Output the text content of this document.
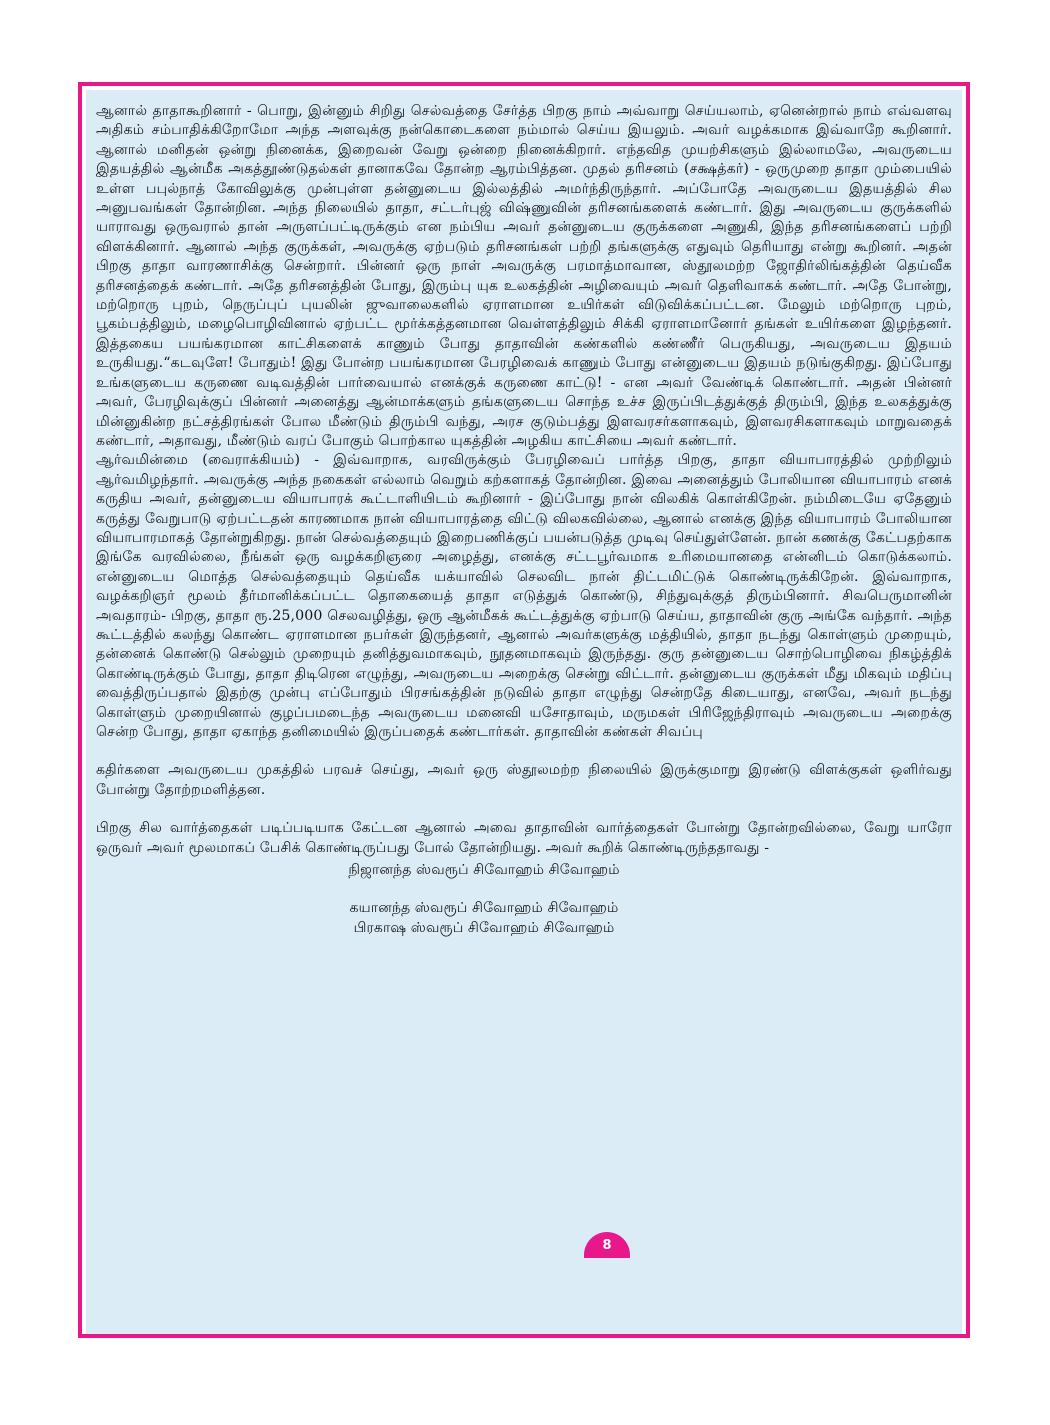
ஆனால் தாதாகூறினார் - பொறு, இன்னும் சிறிது செல்வத்தை சேர்த்த பிறகு நாம் அவ்வாறு செய்யலாம், ஏனென்றால் நாம் எவ்வளவு அதிகம் சம்பாதிக்கிறோமோ அந்த அளவுக்கு நன்கொடைகளை நம்மால் செய்ய இயலும். அவர் வழக்கமாக இவ்வாறே கூறினார். ஆனால் மனிதன் ஒன்று நினைக்க, இறைவன் வேறு ஒன்றை நினைக்கிறார். எந்தவித முயற்சிகளும் இல்லாமலே, அவருடைய இதயத்தில் ஆன்மீக அகத்தூண்டுதல்கள் தானாகவே தோன்ற ஆரம்பித்தன. முதல் தரிசனம் (சக்ஷத்கர்) - ஒருமுறை தாதா மும்பையில் உள்ள பபுல்நாத் கோவிலுக்கு முன்புள்ள தன்னுடைய இல்லத்தில் அமர்ந்திருந்தார். அப்போதே அவருடைய இதயத்தில் சில அனுபவங்கள் தோன்றின. அந்த நிலையில் தாதா, சட்டர்புஜ் விஷ்ணுவின் தரிசனங்களைக் கண்டார். இது அவருடைய குருக்களில் யாராவது ஒருவரால் தான் அருளப்பட்டிருக்கும் என நம்பிய அவர் தன்னுடைய குருக்களை அணுகி, இந்த தரிசனங்களைப் பற்றி விளக்கினார். ஆனால் அந்த குருக்கள், அவருக்கு ஏற்படும் தரிசனங்கள் பற்றி தங்களுக்கு எதுவும் தெரியாது என்று கூறினர். அதன் பிறகு தாதா வாரணாசிக்கு சென்றார். பின்னர் ஒரு நாள் அவருக்கு பரமாத்மாவான, ஸ்தூலமற்ற ஜோதிர்லிங்கத்தின் தெய்வீக தரிசனத்தைக் கண்டார். அதே தரிசனத்தின் போது, இரும்பு யுக உலகத்தின் அழிவையும் அவர் தெளிவாகக் கண்டார். அதே போன்று, மற்றொரு புறம், நெருப்புப் புயலின் ஜுவாலைகளில் ஏராளமான உயிர்கள் விடுவிக்கப்பட்டன. மேலும் மற்றொரு புறம், பூகம்பத்திலும், மழைபொழிவினால் ஏற்பட்ட மூர்க்கத்தனமான வெள்ளத்திலும் சிக்கி ஏராளமானோர் தங்கள் உயிர்களை இழந்தனர். இத்தகைய பயங்கரமான காட்சிகளைக் காணும் போது தாதாவின் கண்களில் கண்ணீர் பெருகியது, அவருடைய இதயம் உருகியது.“கடவுளே! போதும்! இது போன்ற பயங்கரமான பேரழிவைக் காணும் போது என்னுடைய இதயம் நடுங்குகிறது. இப்போது உங்களுடைய கருணை வடிவத்தின் பார்வையால் எனக்குக் கருணை காட்டு! - என அவர் வேண்டிக் கொண்டார். அதன் பின்னர் அவர், பேரழிவுக்குப் பின்னர் அனைத்து ஆன்மாக்களும் தங்களுடைய சொந்த உச்ச இருப்பிடத்துக்குத் திரும்பி, இந்த உலகத்துக்கு மின்னுகின்ற நட்சத்திரங்கள் போல மீண்டும் திரும்பி வந்து, அரச குடும்பத்து இளவரசர்களாகவும், இளவரசிகளாகவும் மாறுவதைக் கண்டார், அதாவது, மீண்டும் வரப் போகும் பொற்கால யுகத்தின் அழகிய காட்சியை அவர் கண்டார்.

ஆர்வமின்மை (வைராக்கியம்) - இவ்வாறாக, வரவிருக்கும் பேரழிவைப் பார்த்த பிறகு, தாதா வியாபாரத்தில் முற்றிலும் ஆர்வமிழந்தார். அவருக்கு அந்த நகைகள் எல்லாம் வெறும் கற்களாகத் தோன்றின. இவை அனைத்தும் போலியான வியாபாரம் எனக் கருதிய அவர், தன்னுடைய வியாபாரக் கூட்டாளியிடம் கூறினார் - இப்போது நான் விலகிக் கொள்கிறேன். நம்மிடையே ஏதேனும் கருத்து வேறுபாடு ஏற்பட்டதன் காரணமாக நான் வியாபாரத்தை விட்டு விலகவில்லை, ஆனால் எனக்கு இந்த வியாபாரம் போலியான வியாபாரமாகத் தோன்றுகிறது. நான் செல்வத்தையும் இறைபணிக்குப் பயன்படுத்த முடிவு செய்துள்ளேன். நான் கணக்கு கேட்பதற்காக இங்கே வரவில்லை, நீங்கள் ஒரு வழக்கறிஞரை அழைத்து, எனக்கு சட்டபூர்வமாக உரிமையானதை என்னிடம் கொடுக்கலாம். என்னுடைய மொத்த செல்வத்தையும் தெய்வீக யக்யாவில் செலவிட நான் திட்டமிட்டுக் கொண்டிருக்கிறேன். இவ்வாறாக, வழக்கறிஞர் மூலம் தீர்மானிக்கப்பட்ட தொகையைத் தாதா எடுத்துக் கொண்டு, சிந்துவுக்குத் திரும்பினார். சிவபெருமானின் அவதாரம்- பிறகு, தாதா ரூ.25,000 செலவழித்து, ஒரு ஆன்மீகக் கூட்டத்துக்கு ஏற்பாடு செய்ய, தாதாவின் குரு அங்கே வந்தார். அந்த கூட்டத்தில் கலந்து கொண்ட ஏராளமான நபர்கள் இருந்தனர், ஆனால் அவர்களுக்கு மத்தியில், தாதா நடந்து கொள்ளும் முறையும், தன்னைக் கொண்டு செல்லும் முறையும் தனித்துவமாகவும், நூதனமாகவும் இருந்தது. குரு தன்னுடைய சொற்பொழிவை நிகழ்த்திக் கொண்டிருக்கும் போது, தாதா திடிரென எழுந்து, அவருடைய அறைக்கு சென்று விட்டார். தன்னுடைய குருக்கள் மீது மிகவும் மதிப்பு வைத்திருப்பதால் இதற்கு முன்பு எப்போதும் பிரசங்கத்தின் நடுவில் தாதா எழுந்து சென்றதே கிடையாது, எனவே, அவர் நடந்து கொள்ளும் முறையினால் குழப்பமடைந்த அவருடைய மனைவி யசோதாவும், மருமகள் பிரிஜேந்திராவும் அவருடைய அறைக்கு சென்ற போது, தாதா ஏகாந்த தனிமையில் இருப்பதைக் கண்டார்கள். தாதாவின் கண்கள் சிவப்பு

கதிர்களை அவருடைய முகத்தில் பரவச் செய்து, அவர் ஒரு ஸ்தூலமற்ற நிலையில் இருக்குமாறு இரண்டு விளக்குகள் ஒளிர்வது போன்று தோற்றமளித்தன.

பிறகு சில வார்த்தைகள் படிப்படியாக கேட்டன ஆனால் அவை தாதாவின் வார்த்தைகள் போன்று தோன்றவில்லை, வேறு யாரோ ஒருவர் அவர் மூலமாகப் பேசிக் கொண்டிருப்பது போல் தோன்றியது. அவர் கூறிக் கொண்டிருந்ததாவது -

நிஜானந்த ஸ்வரூப் சிவோஹம் சிவோஹம்

கயானந்த ஸ்வரூப் சிவோஹம் சிவோஹம்

பிரகாஷ ஸ்வரூப் சிவோஹம் சிவோஹம்

8
